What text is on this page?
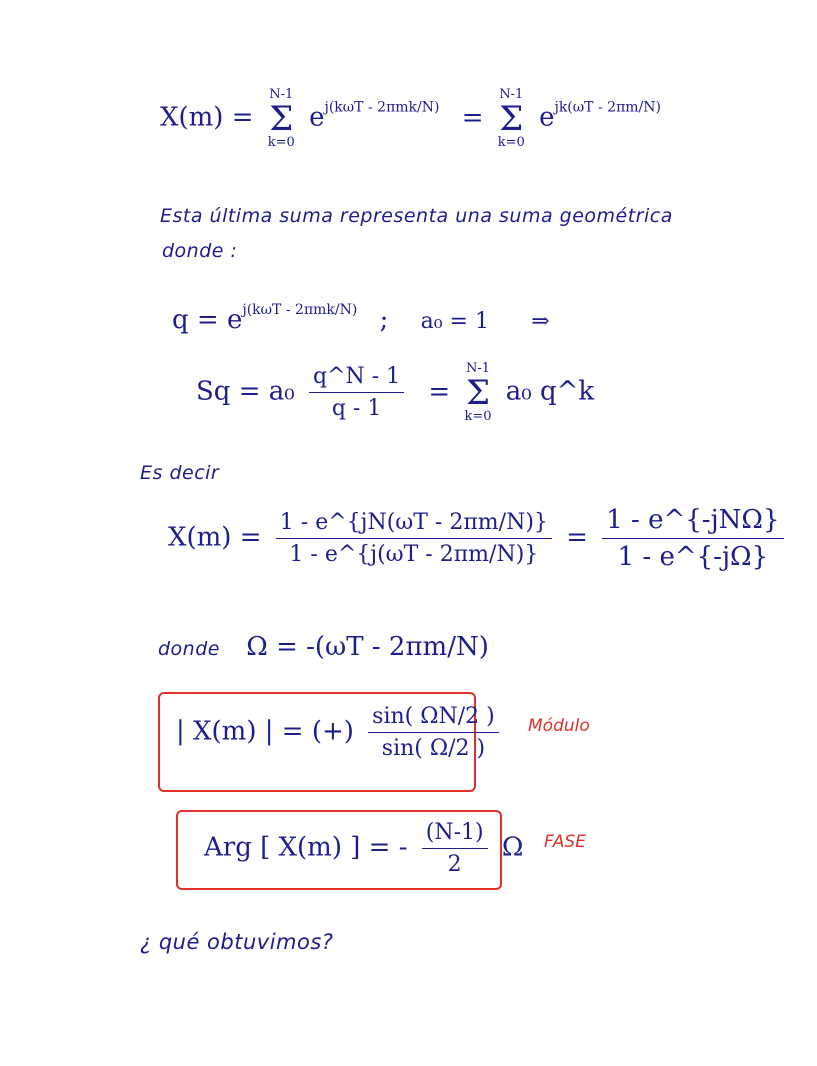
X(m) =
N-1
Σ
k=0
$e^{j(k\omega T - 2\pi mk/N)}$ =
N-1
Σ
k=0
$e^{jk(\omega T - 2\pi m/N)}$
Esta última suma representa una suma geométrica
donde :
$q = e^{j(k\omega T - 2\pi mk/N)}$ ; a₀ = 1 ⇒
$Sq = a_0 \frac{q\^{}N - 1}{q - 1}$ =
N-1
Σ
k=0
a₀ q^k
Es decir
$X(m) = \frac{1 - e\^{}\{jN(\omega T - 2\pi m/N)\}}{1 - e\^{}\{j(\omega T - 2\pi m/N)\}} = \frac{\text{1 - e\textasciicircum{}\{-jNΩ\}}}{1 - e\^{}\{-j\Omega\}}$
donde Ω = -(ωT - 2πm/N)
| X(m) | = (+) $\frac{\sin( \Omega N/2 )}{\sin( \Omega/2 )}$ Módulo
Arg [ X(m) ] = - $\frac{(N-1)}{2}$ Ω FASE
¿ qué obtuvimos?
